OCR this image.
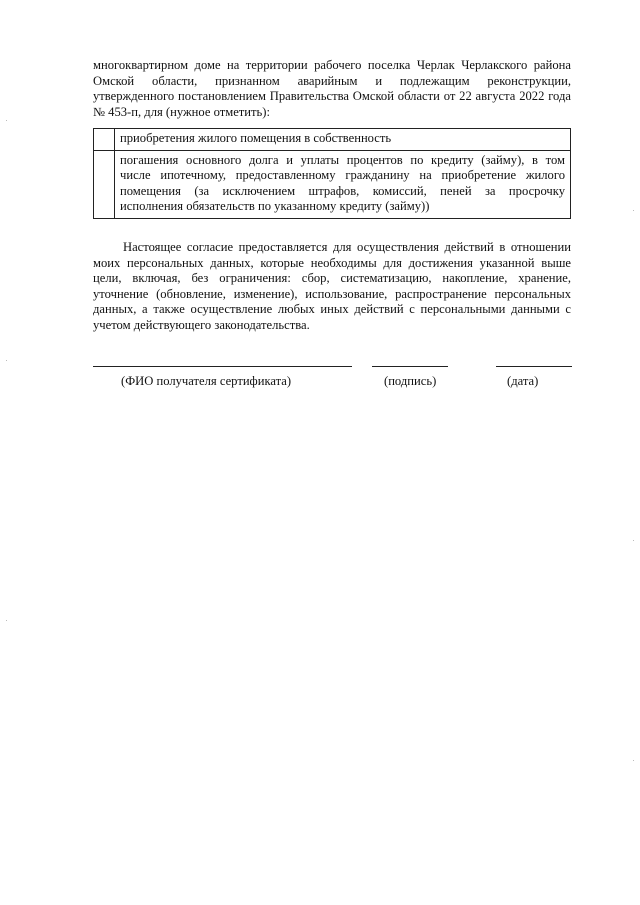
многоквартирном доме на территории рабочего поселка Черлак Черлакского района
Омской области, признанном аварийным и подлежащим реконструкции,
утвержденного постановлением Правительства Омской области от 22 августа 2022 года
№ 453-п, для (нужное отметить):

	приобретения жилого помещения в собственность

	погашения основного долга и уплаты процентов по кредиту (займу), в том
числе ипотечному, предоставленному гражданину на приобретение жилого
помещения (за исключением штрафов, комиссий, пеней за просрочку
исполнения обязательств по указанному кредиту (займу))

Настоящее согласие предоставляется для осуществления действий в отношении
моих персональных данных, которые необходимы для достижения указанной выше
цели, включая, без ограничения: сбор, систематизацию, накопление, хранение,
уточнение (обновление, изменение), использование, распространение персональных
данных, а также осуществление любых иных действий с персональными данными с
учетом действующего законодательства.

(ФИО получателя сертификата)	(подпись)	(дата)
